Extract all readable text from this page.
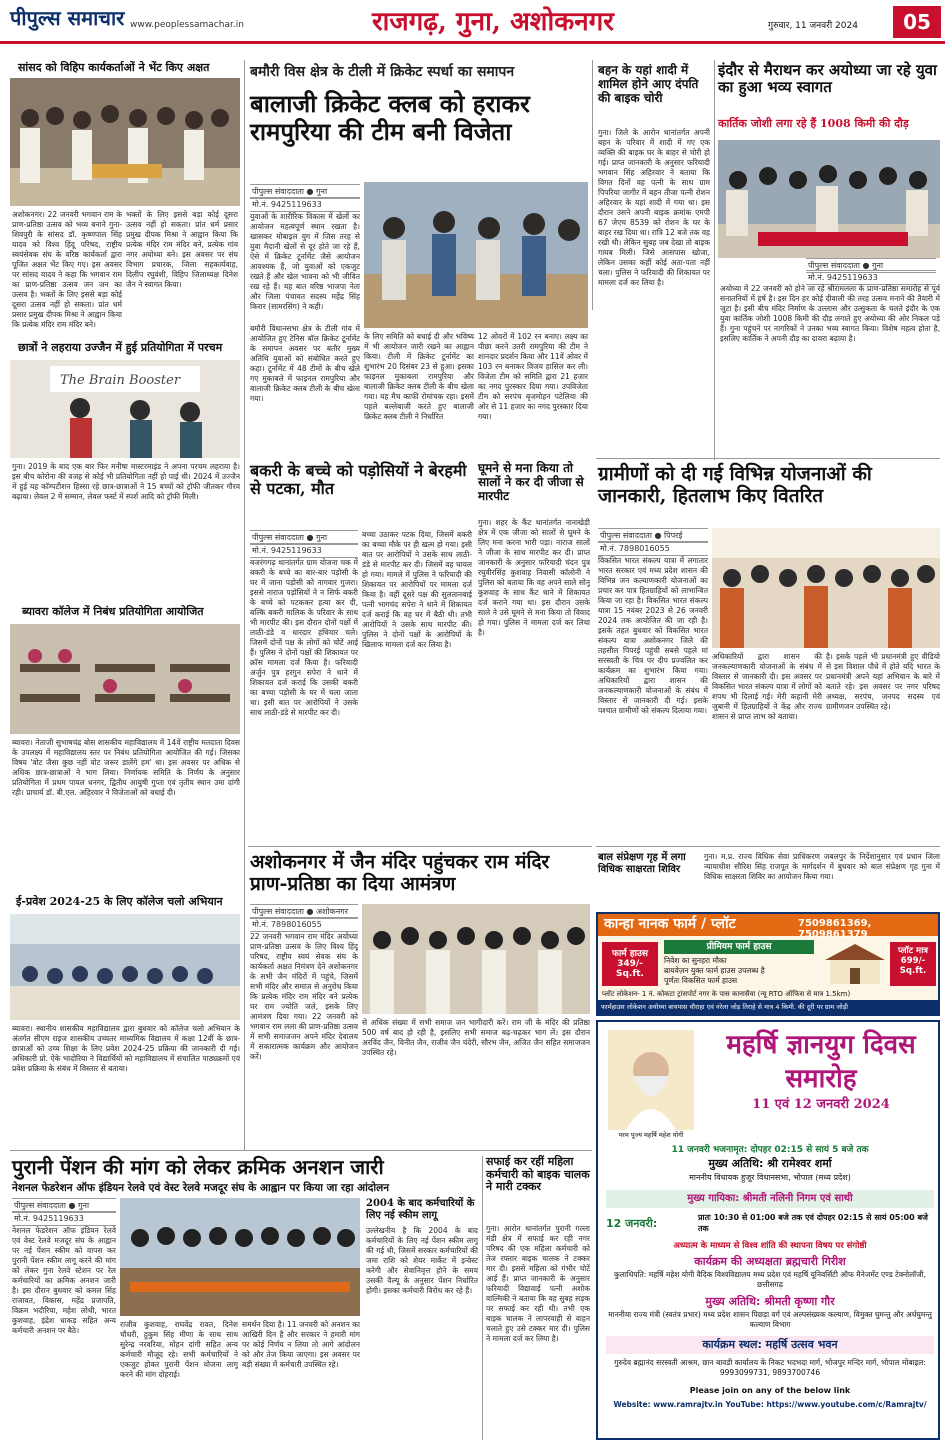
पीपुल्स समाचार www.peoplessamachar.in	राजगढ़, गुना, अशोकनगर	गुरुवार, 11 जनवरी 2024	05
सांसद को विहिप कार्यकर्ताओं ने भेंट किए अक्षत
अशोकनगर। 22 जनवरी भगवान राम के प्राण-प्रतिष्ठा उत्सव को भव्य बनाने गुना-शिवपुरी के सांसद डॉ. कृष्णपाल सिंह यादव को विश्व हिंदू परिषद, राष्ट्रीय स्वयंसेवक संघ के वरिष्ठ कार्यकर्ता द्वारा पूजित अक्षत भेंट किए गए। इस अवसर पर सांसद यादव ने कहा कि भगवान राम का प्राण-प्रतिष्ठा उत्सव जन जन का उत्सव है। भक्तों के लिए इससे बड़ा कोई दूसरा उत्सव नहीं हो सकता। प्रांत धर्म प्रसार प्रमुख दीपक मिश्रा ने आह्वान किया कि प्रत्येक मंदिर राम मंदिर बने।
भक्तों के लिए इससे बड़ा कोई दूसरा उत्सव नहीं हो सकता। प्रांत धर्म प्रसार प्रमुख दीपक मिश्रा ने आह्वान किया कि प्रत्येक मंदिर राम मंदिर बने, प्रत्येक गांव नगर अयोध्या बने। इस अवसर पर संघ विभाग प्रचारक, जिला सहकार्यवाह, दिलीप रघुवंशी, विहिप जिलाध्यक्ष दिनेश जैन ने स्वागत किया।
छात्रों ने लहराया उज्जैन में हुई प्रतियोगिता में परचम
The Brain Booster
गुना। 2019 के बाद एक बार फिर मनीषा मास्टरमाइंड ने अपना परचम लहराया है। इस बीच कोरोना की वजह से कोई भी प्रतियोगिता नहीं हो पाई थी। 2024 में उज्जैन में हुई यह कॉम्पटीशन हिस्सा रहे छात्र-छात्राओं ने 15 बच्चों को ट्रॉफी जीतकर गौरव बढ़ाया। लेवल 2 में सम्मान, लेवल फर्स्ट में स्पर्श आदि को ट्रॉफी मिली।
ब्यावरा कॉलेज में निबंध प्रतियोगिता आयोजित
ब्यावरा। नेताजी सुभाषचंद्र बोस शासकीय महाविद्यालय में 14वें राष्ट्रीय मतदाता दिवस के उपलक्ष्य में महाविद्यालय स्तर पर निबंध प्रतियोगिता आयोजित की गई। जिसका विषय 'वोट जैसा कुछ नहीं वोट जरूर डालेंगे हम' था। इस अवसर पर अधिक से अधिक छात्र-छात्राओं ने भाग लिया। निर्णायक समिति के निर्णय के अनुसार प्रतियोगिता में प्रथम पायल धनगर, द्वितीय आयुषी गुप्ता एवं तृतीय स्थान उमा दांगी रही। प्राचार्य डॉ. बी.एल. अहिरवार ने विजेताओं को बधाई दी।
ई-प्रवेश 2024-25 के लिए कॉलेज चलो अभियान
ब्यावरा। स्थानीय शासकीय महाविद्यालय द्वारा बुधवार को कॉलेज चलो अभियान के अंतर्गत सीएम राइज शासकीय उच्चतर माध्यमिक विद्यालय में कक्षा 12वीं के छात्र-छात्राओं को उच्च शिक्षा के लिए प्रवेश 2024-25 प्रक्रिया की जानकारी दी गई। अधिकारी प्रो. ऐके भादोरिया ने विद्यार्थियों को महाविद्यालय में संचालित पाठ्यक्रमों एवं प्रवेश प्रक्रिया के संबंध में विस्तार से बताया।
बमौरी विस क्षेत्र के टीली में क्रिकेट स्पर्धा का समापन
बालाजी क्रिकेट क्लब को हराकर रामपुरिया की टीम बनी विजेता
पीपुल्स संवाददाता ● गुना
मो.नं. 9425119633
युवाओं के शारीरिक विकास में खेलों का आयोजन महत्वपूर्ण स्थान रखता है। खासकर मोबाइल युग में जिस तरह से युवा मैदानी खेलों से दूर होते जा रहे हैं, ऐसे में क्रिकेट टूर्नामेंट जैसे आयोजन आवश्यक हैं, जो युवाओं को एकजुट रखते हैं और खेल भावना को भी जीवित रख रहे हैं। यह बात वरिष्ठ भाजपा नेता और जिला पंचायत सदस्य महेंद्र सिंह किरार (सामरसिंग) ने कही।
बमौरी विधानसभा क्षेत्र के टीली गांव में आयोजित हुए टेनिस बॉल क्रिकेट टूर्नामेंट के समापन अवसर पर बतौर मुख्य अतिथि युवाओं को संबोधित करते हुए कहा। टूर्नामेंट में 48 टीमों के बीच खेले गए मुकाबले में फाइनल रामपुरिया और बालाजी क्रिकेट क्लब टीली के बीच खेला गया।
के लिए समिति को बधाई दी और भविष्य में भी आयोजन जारी रखने का आह्वान किया। टीली में क्रिकेट टूर्नामेंट का शुभारंभ 20 दिसंबर 23 से हुआ। इसका फाइनल मुकाबला रामपुरिया और बालाजी क्रिकेट क्लब टीली के बीच खेला गया। यह मैच काफी रोमांचक रहा। इसमें पहले बल्लेबाजी करते हुए बालाजी क्रिकेट क्लब टीली ने निर्धारित
12 ओवरों में 102 रन बनाए। लक्ष्य का पीछा करने उतरी रामपुरिया की टीम ने शानदार प्रदर्शन किया और 11वें ओवर में 103 रन बनाकर विजय हासिल कर ली। विजेता टीम को समिति द्वारा 21 हजार का नगद पुरस्कार दिया गया। उपविजेता टीम को सरपंच बृजमोहन पटेलिया की ओर से 11 हजार का नगद पुरस्कार दिया गया।
बकरी के बच्चे को पड़ोसियों ने बेरहमी से पटका, मौत
पीपुल्स संवाददाता ● गुना
मो.नं. 9425119633
बजरंगगढ़ थानांतर्गत ग्राम योजना चक में बकरी के बच्चे का बार-बार पड़ोसी के घर में जाना पड़ोसी को नागवार गुजरा। इससे नाराज पड़ोसियों ने न सिर्फ बकरी के बच्चे को पटककर हत्या कर दी, बल्कि बकरी मालिक के परिवार के साथ भी मारपीट की। इस दौरान दोनों पक्षों में लाठी-डंडे व धारदार हथियार चले। जिसमें दोनों पक्ष के लोगों को चोटें आई हैं। पुलिस ने दोनों पक्षों की शिकायत पर क्रॉस मामला दर्ज किया है। फरियादी अर्जुन पुत्र हरगुन सपेरा ने थाने में शिकायत दर्ज कराई कि उसकी बकरी का बच्चा पड़ोसी के घर में चला जाता था। इसी बात पर आरोपियों ने उसके साथ लाठी-डंडे से मारपीट कर दी।
बच्चा उठाकर पटक दिया, जिसमें बकरी का बच्चा मौके पर ही खत्म हो गया। इसी बात पर आरोपियों ने उसके साथ लाठी-डंडे से मारपीट कर दी। जिसमें वह घायल हो गया। मामले में पुलिस ने फरियादी की शिकायत पर आरोपियों पर मामला दर्ज किया है। वहीं दूसरे पक्ष की सुलतानबाई पत्नी भागचंद सपेरा ने थाने में शिकायत दर्ज कराई कि वह घर में बैठी थी। तभी आरोपियों ने उसके साथ मारपीट की। पुलिस ने दोनों पक्षों के आरोपियों के खिलाफ मामला दर्ज कर लिया है।
बहन के यहां शादी में शामिल होने आए दंपति की बाइक चोरी
गुना। जिले के आरोन थानांतर्गत अपनी बहन के परिवार में शादी में गए एक व्यक्ति की बाइक घर के बाहर से चोरी हो गई। प्राप्त जानकारी के अनुसार फरियादी भगवान सिंह अहिरवार ने बताया कि विगत दिनों वह पत्नी के साथ ग्राम पिपरिया जागीर में बहन तीजा पत्नी रोशन अहिरवार के यहां शादी में गया था। इस दौरान उसने अपनी बाइक क्रमांक एमपी 67 जेएच 8539 को रोशन के घर के बाहर रख दिया था। रात्रि 12 बजे तक वह रखी थी। लेकिन सुबह जब देखा तो बाइक गायब मिली। जिसे आसपास खोजा, लेकिन उसका कहीं कोई अता-पता नहीं चला। पुलिस ने फरियादी की शिकायत पर मामला दर्ज कर लिया है।
घूमने से मना किया तो सालों ने कर दी जीजा से मारपीट
गुना। शहर के कैंट थानांतर्गत नानाखेड़ी क्षेत्र में एक जीजा को सालों से घूमने के लिए मना करना भारी पड़ा। नाराज सालों ने जीजा के साथ मारपीट कर दी। प्राप्त जानकारी के अनुसार फरियादी चंदन पुत्र रघुवीरसिंह कुशवाह निवासी कॉलोनी ने पुलिस को बताया कि वह अपने साले सोनू कुशवाह के साथ कैंट थाने में शिकायत दर्ज कराने गया था। इस दौरान उसके साले ने उसे घूमने से मना किया तो विवाद हो गया। पुलिस ने मामला दर्ज कर लिया है।
इंदौर से मैराथन कर अयोध्या जा रहे युवा का हुआ भव्य स्वागत
कार्तिक जोशी लगा रहे हैं 1008 किमी की दौड़
पीपुल्स संवाददाता ● गुना
मो.नं. 9425119633
अयोध्या में 22 जनवरी को होने जा रहे श्रीरामलला के प्राण-प्रतिष्ठा समारोह से पूर्व सनातनियों में हर्ष है। इस दिन हर कोई दीवाली की तरह उत्सव मनाने की तैयारी में जुटा है। इसी बीच मंदिर निर्माण के उल्लास और उत्सुकता के चलते इंदौर के एक युवा कार्तिक जोशी 1008 किमी की दौड़ लगाते हुए अयोध्या की ओर निकल पड़े हैं। गुना पहुंचने पर नागरिकों ने उनका भव्य स्वागत किया। विशेष महत्व होता है, इसलिए कार्तिक ने अपनी दौड़ का दायरा बढ़ाया है।
ग्रामीणों को दी गई विभिन्न योजनाओं की जानकारी, हितलाभ किए वितरित
पीपुल्स संवाददाता ● पिपरई
मो.नं. 7898016055
विकसित भारत संकल्प यात्रा में लगातार भारत सरकार एवं मध्य प्रदेश शासन की विभिन्न जन कल्याणकारी योजनाओं का प्रचार कर पात्र हितग्राहियों को लाभान्वित किया जा रहा है। विकसित भारत संकल्प यात्रा 15 नवंबर 2023 से 26 जनवरी 2024 तक आयोजित की जा रही है। इसके तहत बुधवार को विकसित भारत संकल्प यात्रा अशोकनगर जिले की तहसील पिपरई पहुंची सबसे पहले मां सरस्वती के चित्र पर दीप प्रज्वलित कर कार्यक्रम का शुभारंभ किया गया। अधिकारियों द्वारा शासन की जनकल्याणकारी योजनाओं के संबंध में विस्तार से जानकारी दी गई। इसके पश्चात ग्रामीणों को संकल्प दिलाया गया।
अधिकारियों द्वारा शासन की जनकल्याणकारी योजनाओं के संबंध में विस्तार से जानकारी दी। इस अवसर पर विकसित भारत संकल्प यात्रा में लोगों को शपथ भी दिलाई गई। मेरी कहानी मेरी जुबानी में हितग्राहियों ने केंद्र और राज्य शासन से प्राप्त लाभ को बताया।
है। इसके पहले भी प्रधानमंत्री हुए वीडियो से इस विशाल पौधे में होते यदि भारत के प्रधानमंत्री अपने यहां अभियान के बारे में बताते रहे। इस अवसर पर नगर परिषद अध्यक्ष, सरपंच, जनपद सदस्य एवं ग्रामीणजन उपस्थित रहे।
बाल संप्रेक्षण गृह में लगा विधिक साक्षरता शिविर
गुना। म.प्र. राज्य विधिक सेवा प्राधिकरण जबलपुर के निर्देशानुसार एवं प्रधान जिला न्यायाधीश सौरिश सिंह राजपूत के मार्गदर्शन में बुधवार को बाल संप्रेक्षण गृह गुना में विधिक साक्षरता शिविर का आयोजन किया गया।
अशोकनगर में जैन मंदिर पहुंचकर राम मंदिर प्राण-प्रतिष्ठा का दिया आमंत्रण
पीपुल्स संवाददाता ● अशोकनगर
मो.नं. 7898016055
22 जनवरी भगवान राम मंदिर अयोध्या प्राण-प्रतिष्ठा उत्सव के लिए विश्व हिंदू परिषद, राष्ट्रीय स्वयं सेवक संघ के कार्यकर्ता अक्षत निमंत्रण देने अशोकनगर के सभी जैन मंदिरों में पहुंचे, जिसमें सभी मंदिर और समाज से अनुरोध किया कि प्रत्येक मंदिर राम मंदिर बने प्रत्येक घर राम ज्योति जले, इसके लिए आमंत्रण दिया गया। 22 जनवरी को भगवान राम लला की प्राण-प्रतिष्ठा उत्सव में सभी समाजजन अपने मंदिर देवालय में सकारात्मक कार्यक्रम और आयोजन करें।
से अधिक संख्या में सभी समाज जन भागीदारी करें। राम जी के मंदिर की प्रतिष्ठा 500 वर्ष बाद हो रही है, इसलिए सभी समाज बढ़-चढ़कर भाग लें। इस दौरान अरविंद जैन, विनीत जैन, राजीव जैन चंदेरी, सौरभ जैन, अजित जैन सहित समाजजन उपस्थित रहे।
पुरानी पेंशन की मांग को लेकर क्रमिक अनशन जारी
नेशनल फेडरेशन ऑफ इंडियन रेलवे एवं वेस्ट रेलवे मजदूर संघ के आह्वान पर किया जा रहा आंदोलन
पीपुल्स संवाददाता ● गुना
मो.नं. 9425119633
नेशनल फेडरेशन ऑफ इंडियन रेलवे एवं वेस्ट रेलवे मजदूर संघ के आह्वान पर नई पेंशन स्कीम को वापस कर पुरानी पेंशन स्कीम लागू करने की मांग को लेकर गुना रेलवे स्टेशन पर रेल कर्मचारियों का क्रमिक अनशन जारी है। इस दौरान बुधवार को कमल सिंह राजावत, विकास, महेंद्र प्रजापति, विक्रम भदौरिया, महेश लोधी, भारत कुशवाह, इंद्रेश धाकड़ सहित अन्य कर्मचारी अनशन पर बैठे।
राजीव कुशवाह, राघवेंद्र रावत, दिनेश चौधरी, हुकुम सिंह मीणा के साथ साथ सुरेन्द्र नरवरिया, मोहन दांगी सहित अन्य कर्मचारी मौजूद रहे। सभी कर्मचारियों ने एकजुट होकर पुरानी पेंशन योजना लागू करने की मांग दोहराई।
समर्थन दिया है। 11 जनवरी को अनशन का आखिरी दिन है और सरकार ने हमारी मांग पर कोई निर्णय न लिया तो आगे आंदोलन को और तेज किया जाएगा। इस अवसर पर बड़ी संख्या में कर्मचारी उपस्थित रहे।
2004 के बाद कर्मचारियों के लिए नई स्कीम लागू
उल्लेखनीय है कि 2004 के बाद कर्मचारियों के लिए नई पेंशन स्कीम लागू की गई थी, जिसमें सरकार कर्मचारियों की जमा राशि को शेयर मार्केट में इन्वेस्ट करेगी और सेवानिवृत्त होने के समय उसकी वैल्यू के अनुसार पेंशन निर्धारित होगी। इसका कर्मचारी विरोध कर रहे हैं।
सफाई कर रहीं महिला कर्मचारी को बाइक चालक ने मारी टक्कर
गुना। आरोन थानांतर्गत पुरानी गल्ला मंडी क्षेत्र में सफाई कर रही नगर परिषद की एक महिला कर्मचारी को तेज रफ्तार बाइक चालक ने टक्कर मार दी। इससे महिला को गंभीर चोटें आई हैं। प्राप्त जानकारी के अनुसार फरियादी विद्यावाई पत्नी अशोक वाल्मिकी ने बताया कि वह सुबह सड़क पर सफाई कर रही थी। तभी एक बाइक चालक ने लापरवाही से वाहन चलाते हुए उसे टक्कर मार दी। पुलिस ने मामला दर्ज कर लिया है।
कान्हा नानक फार्म / प्लॉट	7509861369, 7509861379
फार्म हाउस 349/- Sq.ft.
प्रीमियम फार्म हाउस
निवेश का सुनहरा मौका
ब्रायवेज़न युक्त फार्म हाउस उपलब्ध है
पूर्णतः विकसित फार्म हाउस
प्लॉट मात्र 699/- Sq.ft.
प्लॉट लोकेशन- 1 नं. कोकटा ट्रांसपोर्ट नगर के पास कानासैया (न्यू RTO ऑफिस से मात्र 1.5km)
फार्महाउस लोकेशन अयोध्या बायपास चौराहा एवं नरेला जोड़ तिराहे से मात्र 4 किमी. की दूरी पर ग्राम जोड़ी
परम पूज्य महर्षि महेश योगी
महर्षि ज्ञानयुग दिवस समारोह
11 एवं 12 जनवरी 2024
11 जनवरी भजनामृत: दोपहर 02:15 से सायं 5 बजे तक
मुख्य अतिथि: श्री रामेश्वर शर्मा
माननीय विधायक हुजूर विधानसभा, भोपाल (मध्य प्रदेश)
मुख्य गायिका: श्रीमती नलिनी निगम एवं साथी
12 जनवरी:	प्रातः 10:30 से 01:00 बजे तक एवं दोपहर 02:15 से सायं 05:00 बजे तक
अध्यात्म के माध्यम से विश्व शांति की स्थापना विषय पर संगोष्ठी
कार्यक्रम की अध्यक्षता ब्रह्मचारी गिरीश
कुलाधिपति: महर्षि महेश योगी वैदिक विश्वविद्यालय मध्य प्रदेश एवं महर्षि यूनिवर्सिटी ऑफ मैनेजमेंट एण्ड टेक्नोलॉजी, छत्तीसगढ़
मुख्य अतिथि: श्रीमती कृष्णा गौर
माननीया राज्य मंत्री (स्वतंत्र प्रभार) मध्य प्रदेश शासन पिछड़ा वर्ग एवं अल्पसंख्यक कल्याण, विमुक्त घुमन्तु और अर्धघुमन्तु कल्याण विभाग
कार्यक्रम स्थल: महर्षि उत्सव भवन
गुरुदेव ब्रह्मानंद सरस्वती आश्रम, छान बावडी कार्यालय के निकट भदभदा मार्ग, भोजपुर मन्दिर मार्ग, भोपाल मोबाइल: 9993099731, 9893700746
Please join on any of the below link
Website: www.ramrajtv.in YouTube: https://www.youtube.com/c/Ramrajtv/
